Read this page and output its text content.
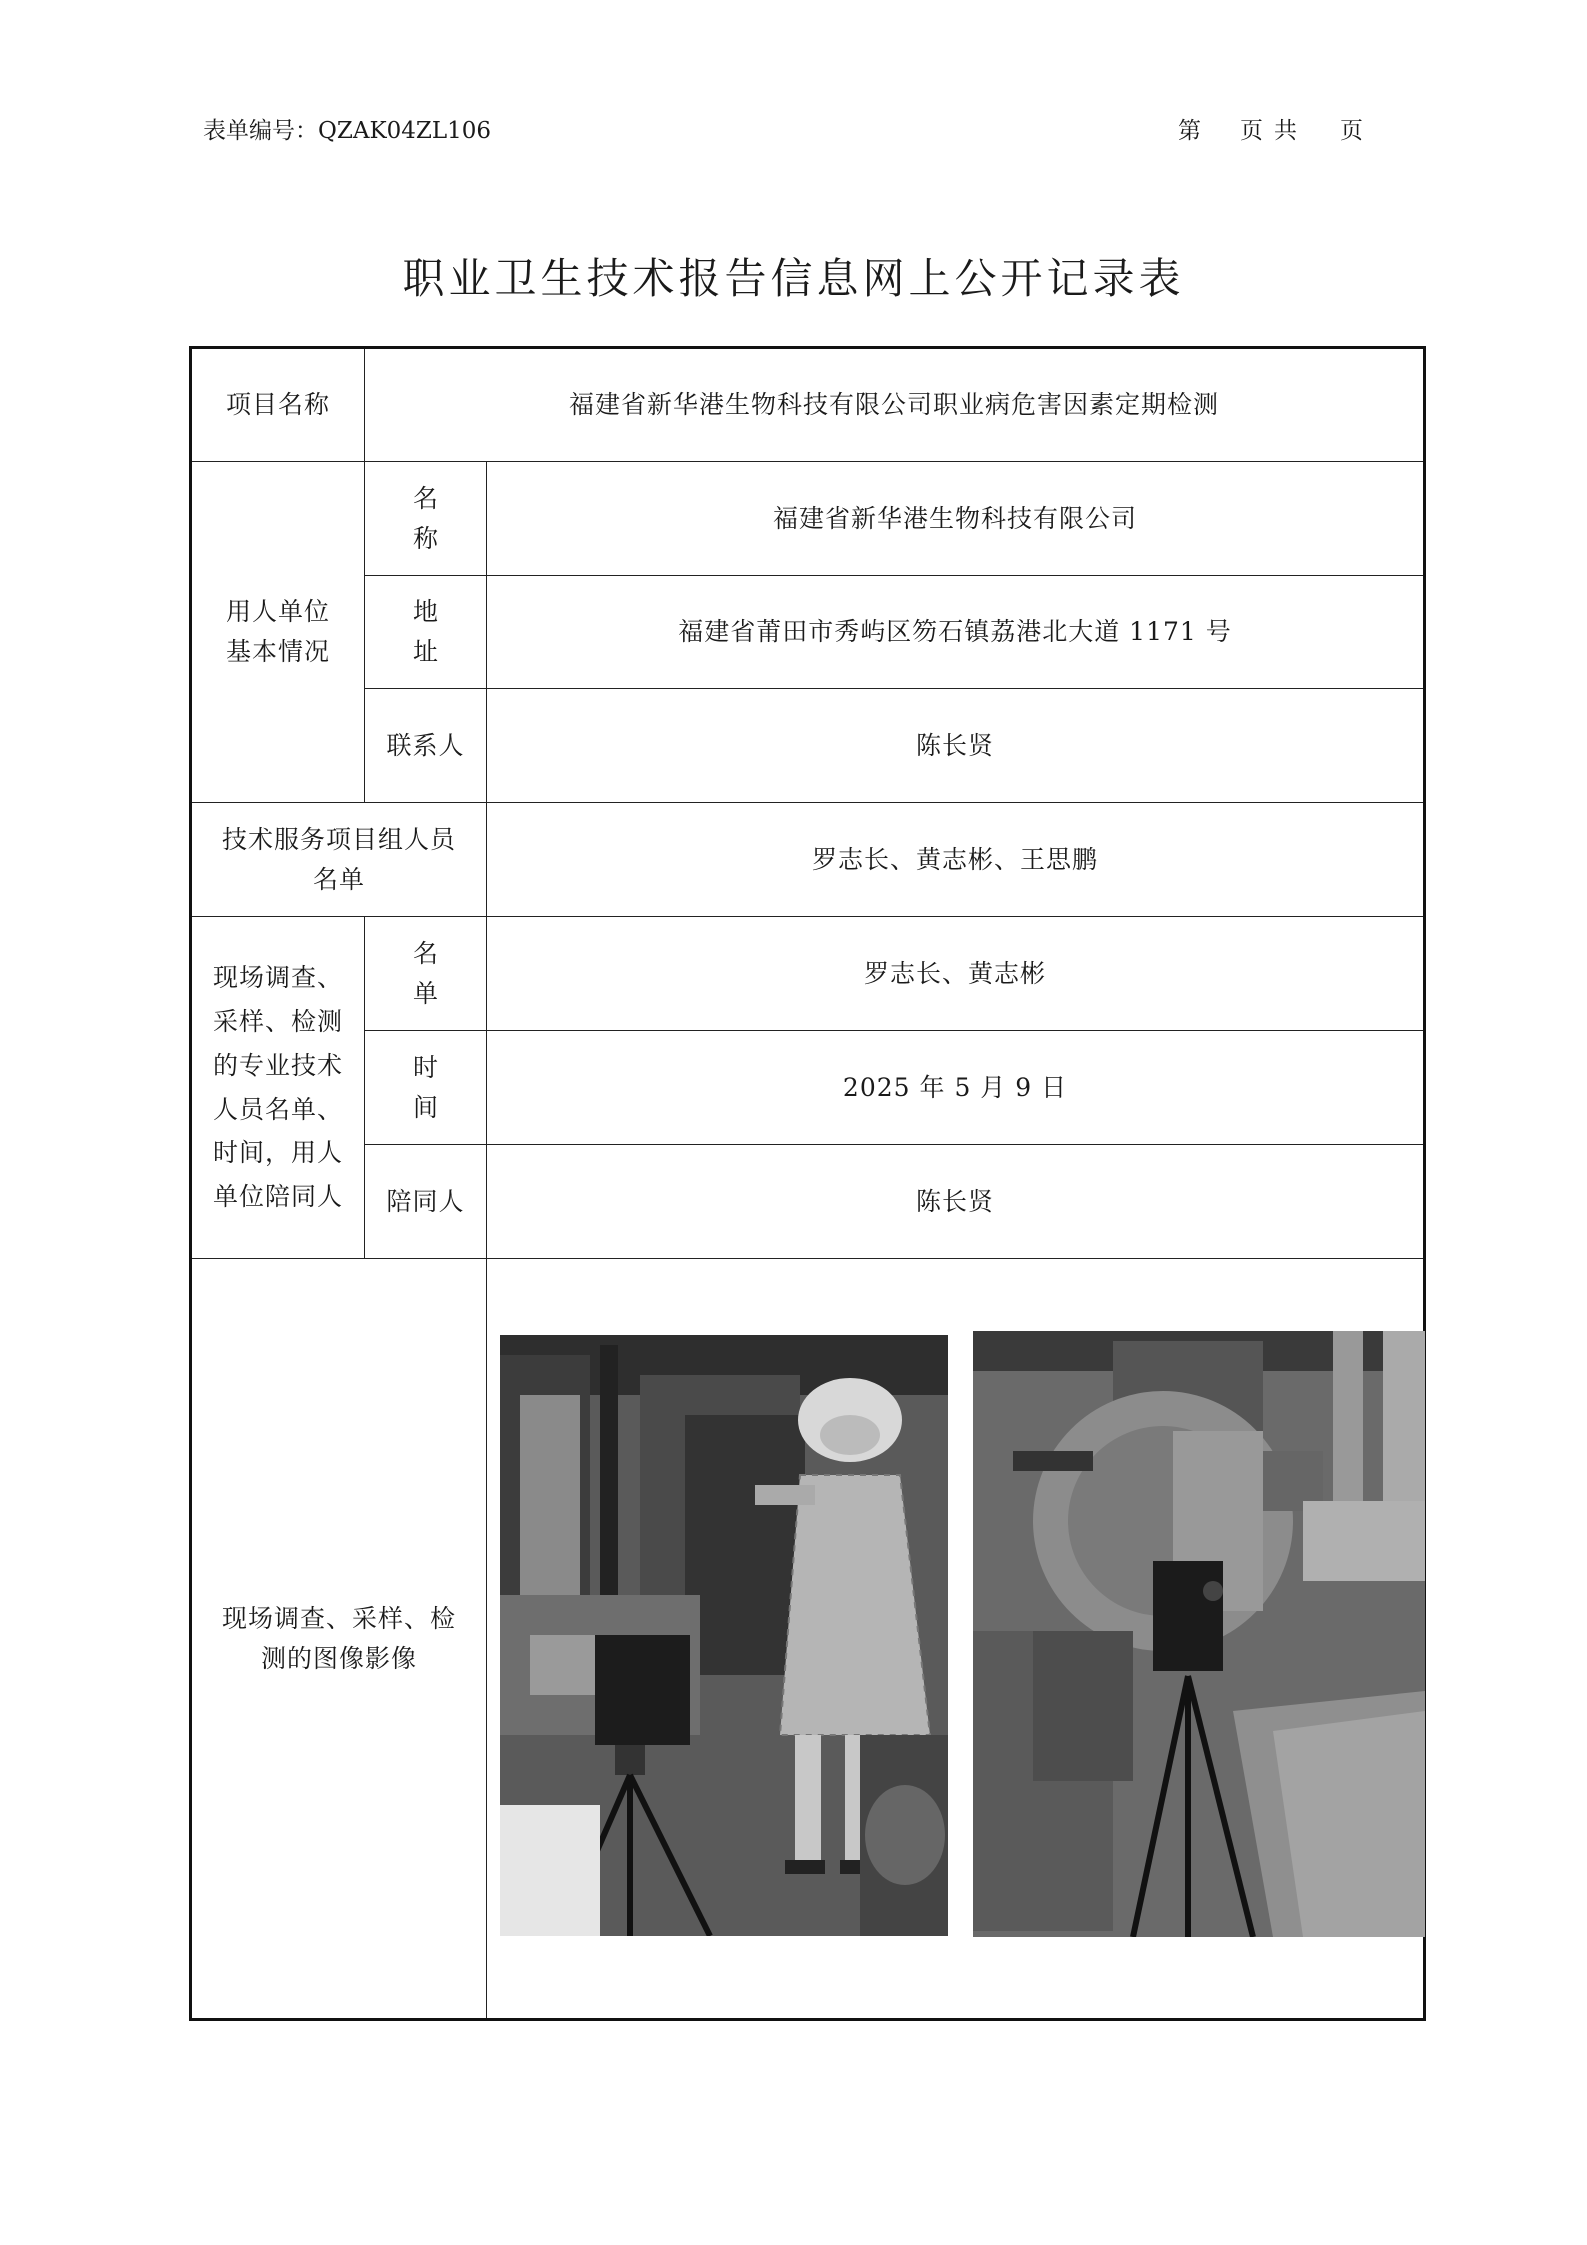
表单编号：QZAK04ZL106	第 页 共 页
职业卫生技术报告信息网上公开记录表
项目名称	福建省新华港生物科技有限公司职业病危害因素定期检测	
用人单位基本情况	名称	福建省新华港生物科技有限公司
	地址	福建省莆田市秀屿区笏石镇荔港北大道 1171 号
	联系人	陈长贤
技术服务项目组人员名单		罗志长、黄志彬、王思鹏
现场调查、采样、检测的专业技术人员名单、时间，用人单位陪同人	名单	罗志长、黄志彬
	时间	2025 年 5 月 9 日
	陪同人	陈长贤
现场调查、采样、检测的图像影像	
